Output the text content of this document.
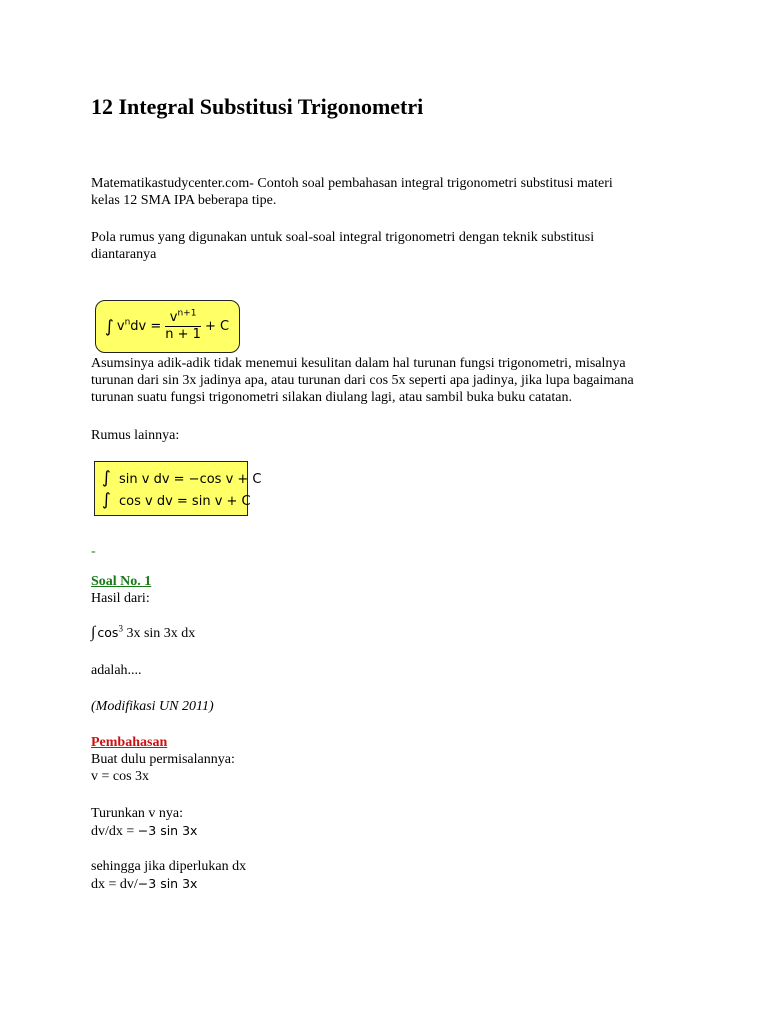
12 Integral Substitusi Trigonometri
Matematikastudycenter.com- Contoh soal pembahasan integral trigonometri substitusi materi
kelas 12 SMA IPA beberapa tipe.
Pola rumus yang digunakan untuk soal-soal integral trigonometri dengan teknik substitusi
diantaranya
∫ $v^ndv = \frac{v^{n+1}}{n + 1} + C$
Asumsinya adik-adik tidak menemui kesulitan dalam hal turunan fungsi trigonometri, misalnya
turunan dari sin 3x jadinya apa, atau turunan dari cos 5x seperti apa jadinya, jika lupa bagaimana
turunan suatu fungsi trigonometri silakan diulang lagi, atau sambil buka buku catatan.
Rumus lainnya:
∫ sin v dv = −cos v + C
∫ cos v dv = sin v + C
-
Soal No. 1
Hasil dari:
∫ $\cos^3 3x$ sin 3x dx
adalah....
(Modifikasi UN 2011)
Pembahasan
Buat dulu permisalannya:
v = cos 3x
Turunkan v nya:
dv/dx = −3 sin 3x
sehingga jika diperlukan dx
dx = dv/−3 sin 3x
